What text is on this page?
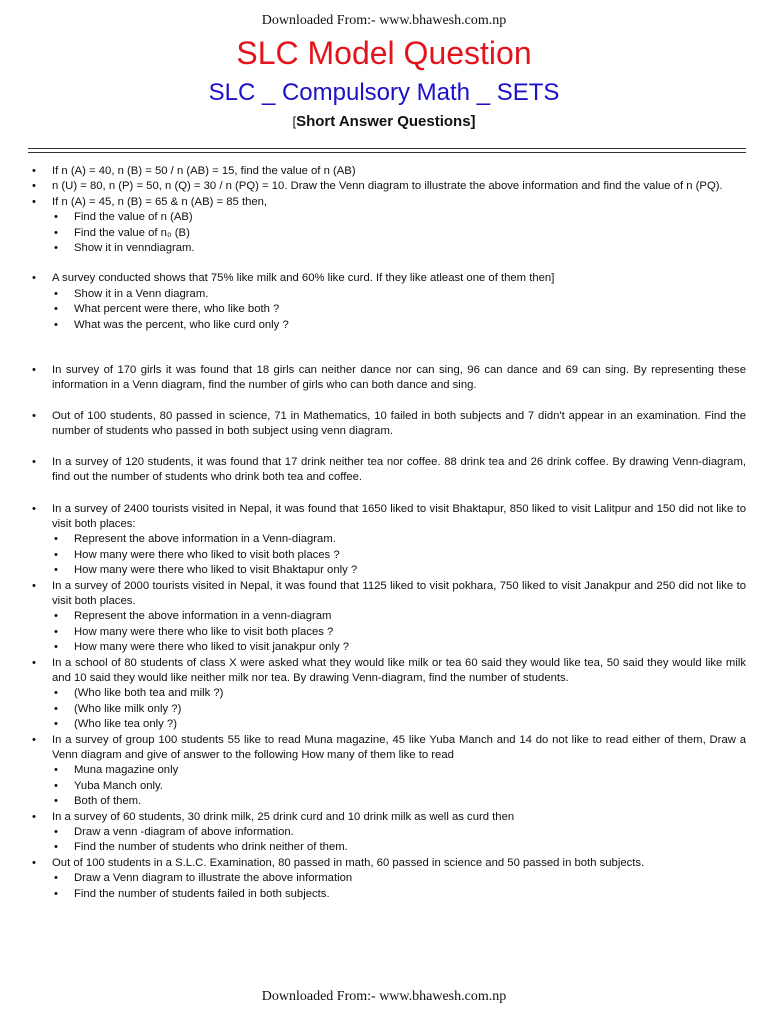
Downloaded From:- www.bhawesh.com.np
SLC Model Question
SLC _ Compulsory Math _ SETS
[Short Answer Questions]
• If n (A) = 40, n (B) = 50 / n (AB) = 15, find the value of n (AB)
• n (U) = 80, n (P) = 50, n (Q) = 30 / n (PQ) = 10. Draw the Venn diagram to illustrate the above information and find the value of n (PQ).
• If n (A) = 45, n (B) = 65 & n (AB) = 85 then,
• Find the value of n (AB)
• Find the value of n₀ (B)
• Show it in venndiagram.
• A survey conducted shows that 75% like milk and 60% like curd. If they like atleast one of them then]
• Show it in a Venn diagram.
• What percent were there, who like both ?
• What was the percent, who like curd only ?
• In survey of 170 girls it was found that 18 girls can neither dance nor can sing, 96 can dance and 69 can sing. By representing these information in a Venn diagram, find the number of girls who can both dance and sing.
• Out of 100 students, 80 passed in science, 71 in Mathematics, 10 failed in both subjects and 7 didn't appear in an examination. Find the number of students who passed in both subject using venn diagram.
• In a survey of 120 students, it was found that 17 drink neither tea nor coffee. 88 drink tea and 26 drink coffee. By drawing Venn-diagram, find out the number of students who drink both tea and coffee.
• In a survey of 2400 tourists visited in Nepal, it was found that 1650 liked to visit Bhaktapur, 850 liked to visit Lalitpur and 150 did not like to visit both places:
• Represent the above information in a Venn-diagram.
• How many were there who liked to visit both places ?
• How many were there who liked to visit Bhaktapur only ?
• In a survey of 2000 tourists visited in Nepal, it was found that 1125 liked to visit pokhara, 750 liked to visit Janakpur and 250 did not like to visit both places.
• Represent the above information in a venn-diagram
• How many were there who like to visit both places ?
• How many were there who liked to visit janakpur only ?
• In a school of 80 students of class X were asked what they would like milk or tea 60 said they would like tea, 50 said they would like milk and 10 said they would like neither milk nor tea. By drawing Venn-diagram, find the number of students.
• (Who like both tea and milk ?)
• (Who like milk only ?)
• (Who like tea only ?)
• In a survey of group 100 students 55 like to read Muna magazine, 45 like Yuba Manch and 14 do not like to read either of them, Draw a Venn diagram and give of answer to the following How many of them like to read
• Muna magazine only
• Yuba Manch only.
• Both of them.
• In a survey of 60 students, 30 drink milk, 25 drink curd and 10 drink milk as well as curd then
• Draw a venn -diagram of above information.
• Find the number of students who drink neither of them.
• Out of 100 students in a S.L.C. Examination, 80 passed in math, 60 passed in science and 50 passed in both subjects.
• Draw a Venn diagram to illustrate the above information
• Find the number of students failed in both subjects.
Downloaded From:- www.bhawesh.com.np
